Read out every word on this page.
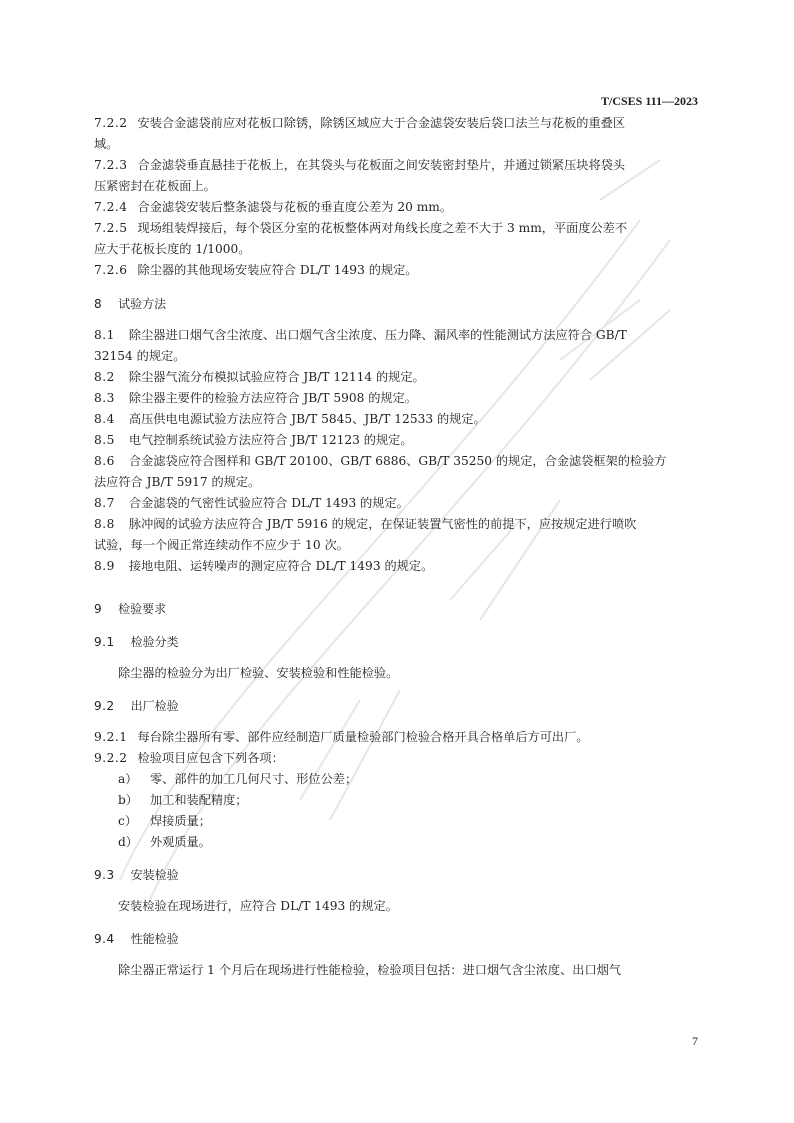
T/CSES 111—2023
7.2.2 安装合金滤袋前应对花板口除锈，除锈区域应大于合金滤袋安装后袋口法兰与花板的重叠区
域。
7.2.3 合金滤袋垂直悬挂于花板上，在其袋头与花板面之间安装密封垫片，并通过锁紧压块将袋头
压紧密封在花板面上。
7.2.4 合金滤袋安装后整条滤袋与花板的垂直度公差为 20 mm。
7.2.5 现场组装焊接后，每个袋区分室的花板整体两对角线长度之差不大于 3 mm，平面度公差不
应大于花板长度的 1/1000。
7.2.6 除尘器的其他现场安装应符合 DL/T 1493 的规定。
8 试验方法
8.1 除尘器进口烟气含尘浓度、出口烟气含尘浓度、压力降、漏风率的性能测试方法应符合 GB/T
32154 的规定。
8.2 除尘器气流分布模拟试验应符合 JB/T 12114 的规定。
8.3 除尘器主要件的检验方法应符合 JB/T 5908 的规定。
8.4 高压供电电源试验方法应符合 JB/T 5845、JB/T 12533 的规定。
8.5 电气控制系统试验方法应符合 JB/T 12123 的规定。
8.6 合金滤袋应符合图样和 GB/T 20100、GB/T 6886、GB/T 35250 的规定，合金滤袋框架的检验方
法应符合 JB/T 5917 的规定。
8.7 合金滤袋的气密性试验应符合 DL/T 1493 的规定。
8.8 脉冲阀的试验方法应符合 JB/T 5916 的规定，在保证装置气密性的前提下，应按规定进行喷吹
试验，每一个阀正常连续动作不应少于 10 次。
8.9 接地电阻、运转噪声的测定应符合 DL/T 1493 的规定。
9 检验要求
9.1 检验分类
除尘器的检验分为出厂检验、安装检验和性能检验。
9.2 出厂检验
9.2.1 每台除尘器所有零、部件应经制造厂质量检验部门检验合格开具合格单后方可出厂。
9.2.2 检验项目应包含下列各项：
a） 零、部件的加工几何尺寸、形位公差；
b） 加工和装配精度；
c） 焊接质量；
d） 外观质量。
9.3 安装检验
安装检验在现场进行，应符合 DL/T 1493 的规定。
9.4 性能检验
除尘器正常运行 1 个月后在现场进行性能检验，检验项目包括：进口烟气含尘浓度、出口烟气
7
